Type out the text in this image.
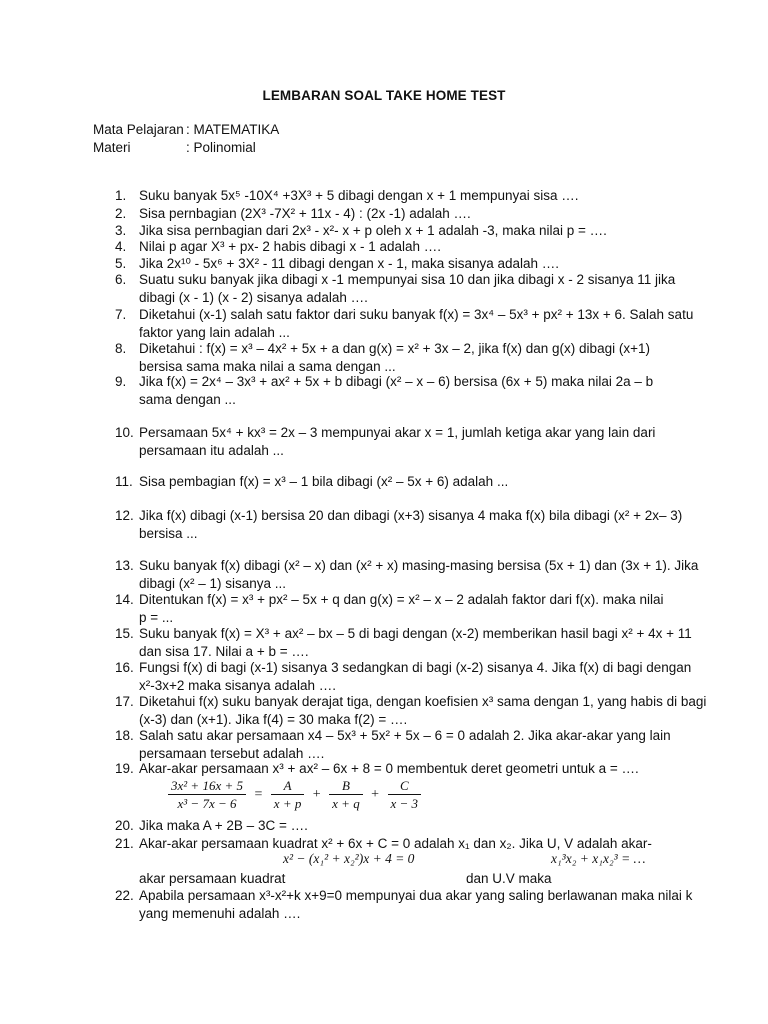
LEMBARAN SOAL TAKE HOME TEST
Mata Pelajaran : MATEMATIKA
Materi	: Polinomial
1. Suku banyak 5x⁵ -10X⁴ +3X³ + 5 dibagi dengan x + 1 mempunyai sisa ….
2. Sisa pernbagian (2X³ -7X² + 11x - 4) : (2x -1) adalah ….
3. Jika sisa pernbagian dari 2x³ - x²- x + p oleh x + 1 adalah -3, maka nilai p = ….
4. Nilai p agar X³ + px- 2 habis dibagi x - 1 adalah ….
5. Jika 2x¹⁰ - 5x⁶ + 3X² - 11 dibagi dengan x - 1, maka sisanya adalah ….
6. Suatu suku banyak jika dibagi x -1 mempunyai sisa 10 dan jika dibagi x - 2 sisanya 11 jika
dibagi (x - 1) (x - 2) sisanya adalah ….
7. Diketahui (x-1) salah satu faktor dari suku banyak f(x) = 3x⁴ – 5x³ + px² + 13x + 6. Salah satu
faktor yang lain adalah ...
8. Diketahui : f(x) = x³ – 4x² + 5x + a dan g(x) = x² + 3x – 2, jika f(x) dan g(x) dibagi (x+1)
bersisa sama maka nilai a sama dengan ...
9. Jika f(x) = 2x⁴ – 3x³ + ax² + 5x + b dibagi (x² – x – 6) bersisa (6x + 5) maka nilai 2a – b
sama dengan ...
10. Persamaan 5x⁴ + kx³ = 2x – 3 mempunyai akar x = 1, jumlah ketiga akar yang lain dari
persamaan itu adalah ...
11. Sisa pembagian f(x) = x³ – 1 bila dibagi (x² – 5x + 6) adalah ...
12. Jika f(x) dibagi (x-1) bersisa 20 dan dibagi (x+3) sisanya 4 maka f(x) bila dibagi (x² + 2x– 3)
bersisa ...
13. Suku banyak f(x) dibagi (x² – x) dan (x² + x) masing-masing bersisa (5x + 1) dan (3x + 1). Jika
dibagi (x² – 1) sisanya ...
14. Ditentukan f(x) = x³ + px² – 5x + q dan g(x) = x² – x – 2 adalah faktor dari f(x). maka nilai
p = ...
15. Suku banyak f(x) = X³ + ax² – bx – 5 di bagi dengan (x-2) memberikan hasil bagi x² + 4x + 11
dan sisa 17. Nilai a + b = ….
16. Fungsi f(x) di bagi (x-1) sisanya 3 sedangkan di bagi (x-2) sisanya 4. Jika f(x) di bagi dengan
x²-3x+2 maka sisanya adalah ….
17. Diketahui f(x) suku banyak derajat tiga, dengan koefisien x³ sama dengan 1, yang habis di bagi
(x-3) dan (x+1). Jika f(4) = 30 maka f(2) = ….
18. Salah satu akar persamaan x4 – 5x³ + 5x² + 5x – 6 = 0 adalah 2. Jika akar-akar yang lain
persamaan tersebut adalah ….
19. Akar-akar persamaan x³ + ax² – 6x + 8 = 0 membentuk deret geometri untuk a = ….
20. Jika maka A + 2B – 3C = ….
21. Akar-akar persamaan kuadrat x² + 6x + C = 0 adalah x₁ dan x₂. Jika U, V adalah akar-
22. Apabila persamaan x³-x²+k x+9=0 mempunyai dua akar yang saling berlawanan maka nilai k
yang memenuhi adalah ….
$\frac{\text{3x² + 16x + 5}}{\text{x³ − 7x − 6}} = \frac{A}{x + p} + \frac{B}{x + q} + \frac{C}{x - 3}$
x² − (x₁² + x₂²)x + 4 = 0	x₁³x₂ + x₁x₂³ = …
akar persamaan kuadrat	dan U.V maka
